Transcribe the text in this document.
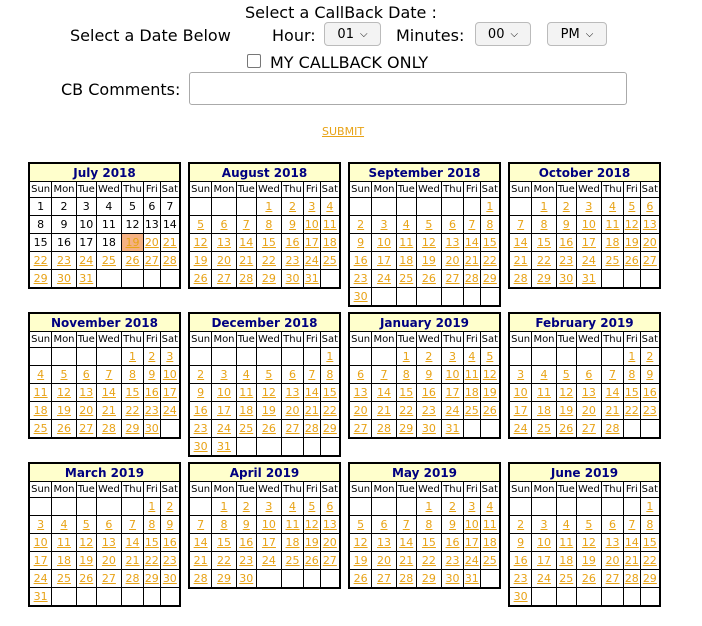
Select a CallBack Date :
Select a Date Below	Hour: 01 ⌵ Minutes: 00 ⌵	PM ⌵
MY CALLBACK ONLY
CB Comments:
SUBMIT
July 2018						
Sun	Mon	Tue	Wed	Thu	Fri	Sat
1	2	3	4	5	6	7
8	9	10	11	12	13	14
15	16	17	18	19	20	21
22	23	24	25	26	27	28
29	30	31				
August 2018						
Sun	Mon	Tue	Wed	Thu	Fri	Sat
			1	2	3	4
5	6	7	8	9	10	11
12	13	14	15	16	17	18
19	20	21	22	23	24	25
26	27	28	29	30	31	
September 2018						
Sun	Mon	Tue	Wed	Thu	Fri	Sat
						1
2	3	4	5	6	7	8
9	10	11	12	13	14	15
16	17	18	19	20	21	22
23	24	25	26	27	28	29
30						
October 2018						
Sun	Mon	Tue	Wed	Thu	Fri	Sat
	1	2	3	4	5	6
7	8	9	10	11	12	13
14	15	16	17	18	19	20
21	22	23	24	25	26	27
28	29	30	31			
November 2018						
Sun	Mon	Tue	Wed	Thu	Fri	Sat
				1	2	3
4	5	6	7	8	9	10
11	12	13	14	15	16	17
18	19	20	21	22	23	24
25	26	27	28	29	30	
December 2018						
Sun	Mon	Tue	Wed	Thu	Fri	Sat
						1
2	3	4	5	6	7	8
9	10	11	12	13	14	15
16	17	18	19	20	21	22
23	24	25	26	27	28	29
30	31					
January 2019						
Sun	Mon	Tue	Wed	Thu	Fri	Sat
		1	2	3	4	5
6	7	8	9	10	11	12
13	14	15	16	17	18	19
20	21	22	23	24	25	26
27	28	29	30	31		
February 2019						
Sun	Mon	Tue	Wed	Thu	Fri	Sat
					1	2
3	4	5	6	7	8	9
10	11	12	13	14	15	16
17	18	19	20	21	22	23
24	25	26	27	28		
March 2019						
Sun	Mon	Tue	Wed	Thu	Fri	Sat
					1	2
3	4	5	6	7	8	9
10	11	12	13	14	15	16
17	18	19	20	21	22	23
24	25	26	27	28	29	30
31						
April 2019						
Sun	Mon	Tue	Wed	Thu	Fri	Sat
	1	2	3	4	5	6
7	8	9	10	11	12	13
14	15	16	17	18	19	20
21	22	23	24	25	26	27
28	29	30				
May 2019						
Sun	Mon	Tue	Wed	Thu	Fri	Sat
			1	2	3	4
5	6	7	8	9	10	11
12	13	14	15	16	17	18
19	20	21	22	23	24	25
26	27	28	29	30	31	
June 2019						
Sun	Mon	Tue	Wed	Thu	Fri	Sat
						1
2	3	4	5	6	7	8
9	10	11	12	13	14	15
16	17	18	19	20	21	22
23	24	25	26	27	28	29
30						
